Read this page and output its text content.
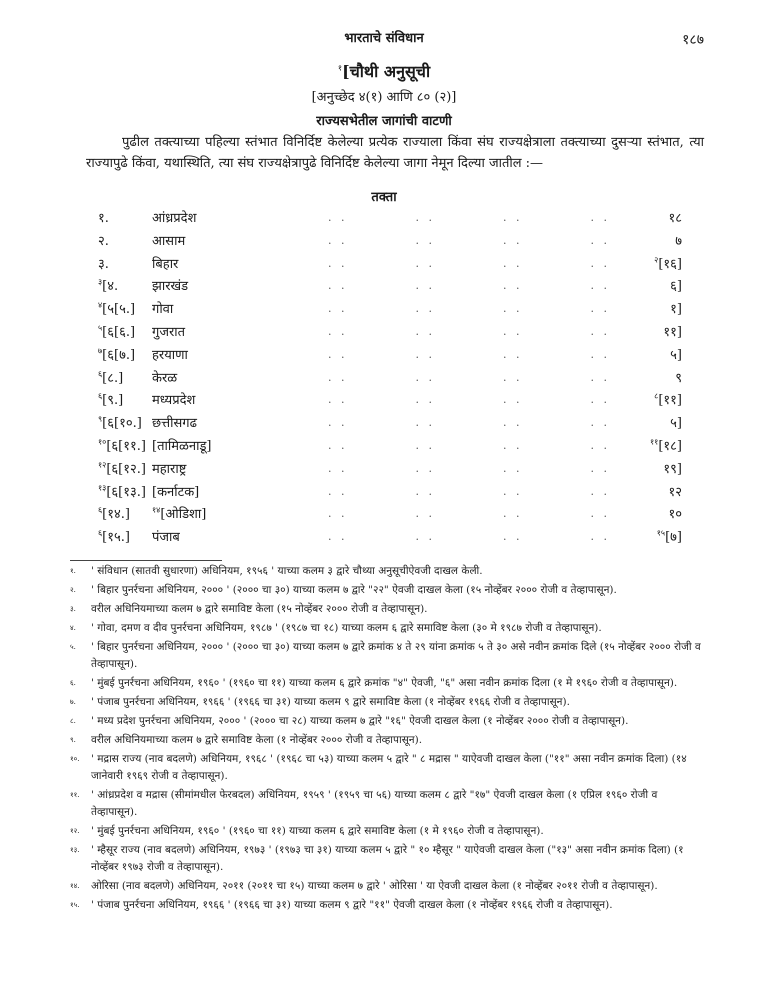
भारताचे संविधान	१८७
$^१$[चौथी अनुसूची
[अनुच्छेद ४(१) आणि ८० (२)]
राज्यसभेतील जागांची वाटणी
पुढील तक्त्याच्या पहिल्या स्तंभात विनिर्दिष्ट केलेल्या प्रत्येक राज्याला किंवा संघ राज्यक्षेत्राला तक्त्याच्या दुसऱ्या स्तंभात, त्या राज्यापुढे किंवा, यथास्थिति, त्या संघ राज्यक्षेत्रापुढे विनिर्दिष्ट केलेल्या जागा नेमून दिल्या जातील :—
तक्ता
१.	आंध्रप्रदेश	. .	. .	. .	. .	१८
२.	आसाम	. .	. .	. .	. .	७
३.	बिहार	. .	. .	. .	. .	$^२$[१६]
$^३$[४.	झारखंड	. .	. .	. .	. .	६]
$^४$[५[५.] गोवा	. .	. .	. .	. .	१]
$^५$[६[६.] गुजरात	. .	. .	. .	. .	११]
$^७$[६[७.] हरयाणा	. .	. .	. .	. .	५]
$^६$[८.] केरळ	. .	. .	. .	. .	९
$^६$[९.] मध्यप्रदेश	. .	. .	. .	. .	$^८$[११]
$^९$[६[१०.] छत्तीसगढ	. .	. .	. .	. .	५]
$^{१०}$[६[११.] [तामिळनाडू]	. .	. .	. .	. .	$^{११}$[१८]
$^{१२}$[६[१२.] महाराष्ट्र	. .	. .	. .	. .	१९]
$^{१३}$[६[१३.] [कर्नाटक]	. .	. .	. .	. .	१२
$^६$[१४.]	$^{१४}$[ओडिशा]	. .	. .	. .	. .	१०
$^६$[१५.] पंजाब	. .	. .	. .	. .	$^{१५}$[७]
१. ' संविधान (सातवी सुधारणा) अधिनियम, १९५६ ' याच्या कलम ३ द्वारे चौथ्या अनुसूचीऐवजी दाखल केली.
२. ' बिहार पुनर्रचना अधिनियम, २००० ' (२००० चा ३०) याच्या कलम ७ द्वारे "२२" ऐवजी दाखल केला (१५ नोव्हेंबर २००० रोजी व तेव्हापासून).
३. वरील अधिनियमाच्या कलम ७ द्वारे समाविष्ट केला (१५ नोव्हेंबर २००० रोजी व तेव्हापासून).
४. ' गोवा, दमण व दीव पुनर्रचना अधिनियम, १९८७ ' (१९८७ चा १८) याच्या कलम ६ द्वारे समाविष्ट केला (३० मे १९८७ रोजी व तेव्हापासून).
५. ' बिहार पुनर्रचना अधिनियम, २००० ' (२००० चा ३०) याच्या कलम ७ द्वारे क्रमांक ४ ते २९ यांना क्रमांक ५ ते ३० असे नवीन क्रमांक दिले (१५ नोव्हेंबर २००० रोजी व तेव्हापासून).
६. ' मुंबई पुनर्रचना अधिनियम, १९६० ' (१९६० चा ११) याच्या कलम ६ द्वारे क्रमांक "४" ऐवजी, "६" असा नवीन क्रमांक दिला (१ मे १९६० रोजी व तेव्हापासून).
७. ' पंजाब पुनर्रचना अधिनियम, १९६६ ' (१९६६ चा ३१) याच्या कलम ९ द्वारे समाविष्ट केला (१ नोव्हेंबर १९६६ रोजी व तेव्हापासून).
८. ' मध्य प्रदेश पुनर्रचना अधिनियम, २००० ' (२००० चा २८) याच्या कलम ७ द्वारे "१६" ऐवजी दाखल केला (१ नोव्हेंबर २००० रोजी व तेव्हापासून).
९. वरील अधिनियमाच्या कलम ७ द्वारे समाविष्ट केला (१ नोव्हेंबर २००० रोजी व तेव्हापासून).
१०. ' मद्रास राज्य (नाव बदलणे) अधिनियम, १९६८ ' (१९६८ चा ५३) याच्या कलम ५ द्वारे " ८ मद्रास " याऐवजी दाखल केला ("११" असा नवीन क्रमांक दिला) (१४ जानेवारी १९६९ रोजी व तेव्हापासून).
११. ' आंध्रप्रदेश व मद्रास (सीमांमधील फेरबदल) अधिनियम, १९५९ ' (१९५९ चा ५६) याच्या कलम ८ द्वारे "१७" ऐवजी दाखल केला (१ एप्रिल १९६० रोजी व तेव्हापासून).
१२. ' मुंबई पुनर्रचना अधिनियम, १९६० ' (१९६० चा ११) याच्या कलम ६ द्वारे समाविष्ट केला (१ मे १९६० रोजी व तेव्हापासून).
१३. ' म्हैसूर राज्य (नाव बदलणे) अधिनियम, १९७३ ' (१९७३ चा ३१) याच्या कलम ५ द्वारे " १० म्हैसूर " याऐवजी दाखल केला ("१३" असा नवीन क्रमांक दिला) (१ नोव्हेंबर १९७३ रोजी व तेव्हापासून).
१४. ओरिसा (नाव बदलणे) अधिनियम, २०११ (२०११ चा १५) याच्या कलम ७ द्वारे ' ओरिसा ' या ऐवजी दाखल केला (१ नोव्हेंबर २०११ रोजी व तेव्हापासून).
१५. ' पंजाब पुनर्रचना अधिनियम, १९६६ ' (१९६६ चा ३१) याच्या कलम ९ द्वारे "११" ऐवजी दाखल केला (१ नोव्हेंबर १९६६ रोजी व तेव्हापासून).
